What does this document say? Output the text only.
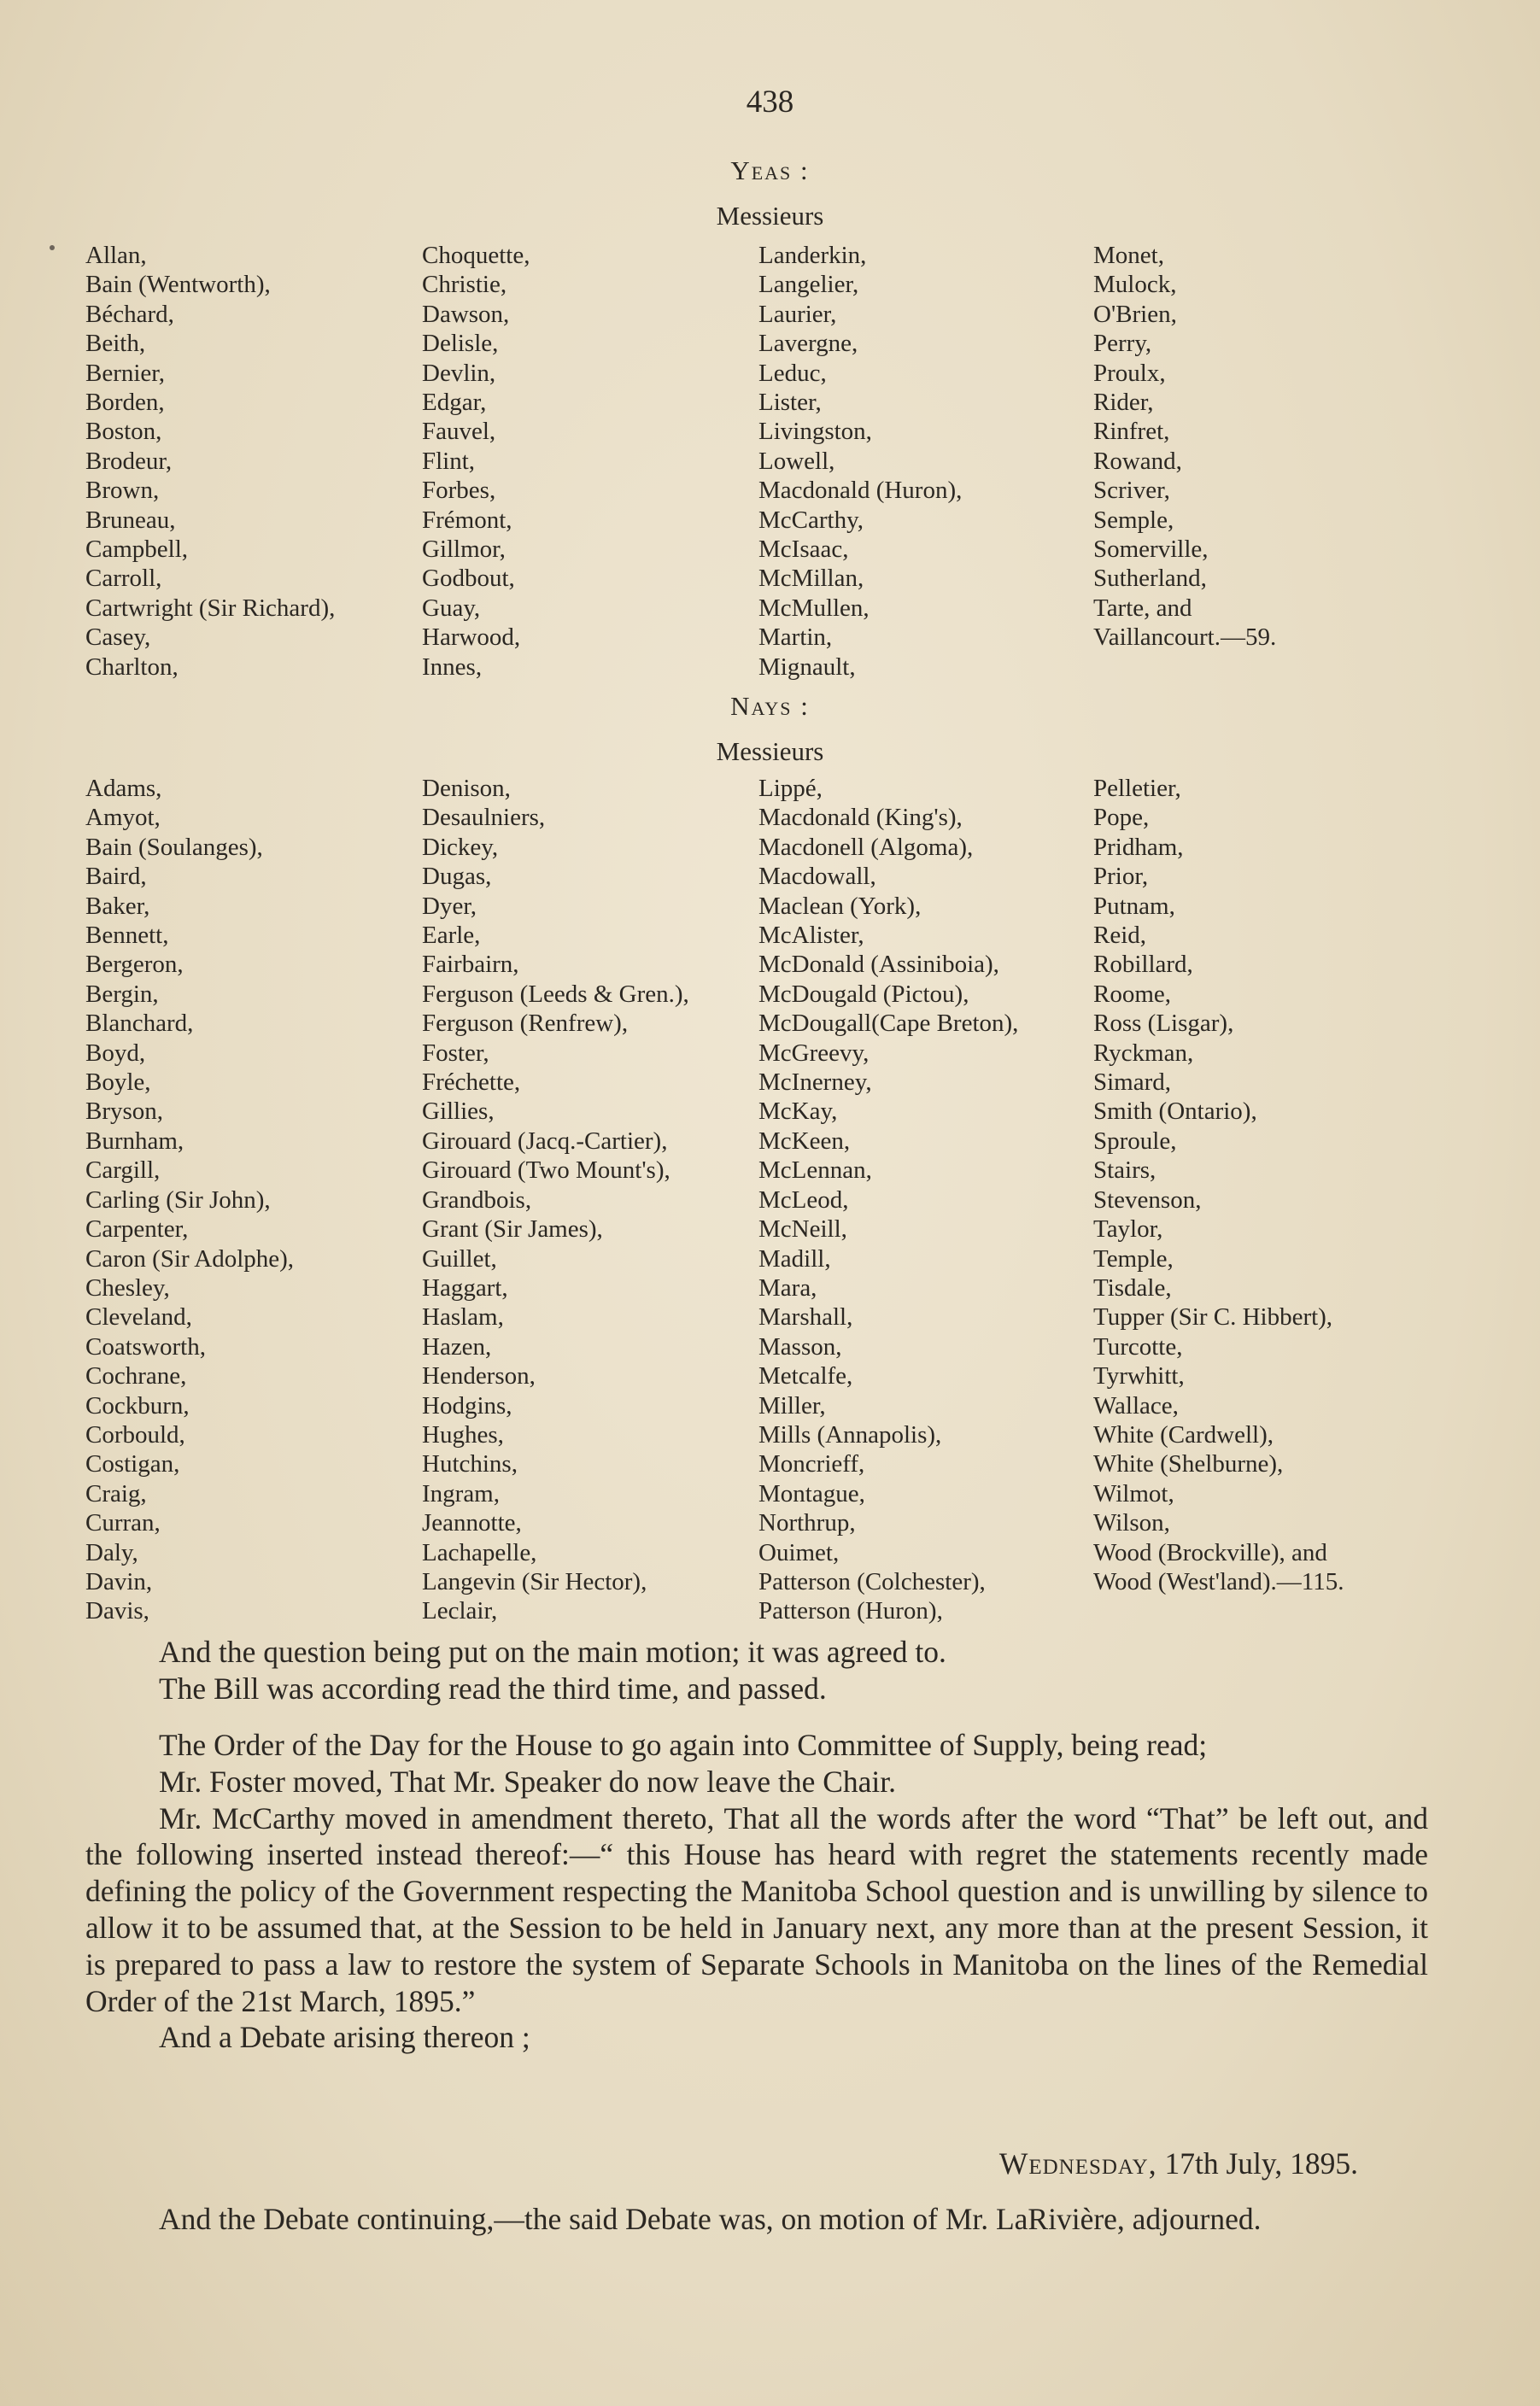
438
Yeas :
Messieurs
Allan,
Bain (Wentworth),
Béchard,
Beith,
Bernier,
Borden,
Boston,
Brodeur,
Brown,
Bruneau,
Campbell,
Carroll,
Cartwright (Sir Richard),
Casey,
Charlton,
Choquette,
Christie,
Dawson,
Delisle,
Devlin,
Edgar,
Fauvel,
Flint,
Forbes,
Frémont,
Gillmor,
Godbout,
Guay,
Harwood,
Innes,
Landerkin,
Langelier,
Laurier,
Lavergne,
Leduc,
Lister,
Livingston,
Lowell,
Macdonald (Huron),
McCarthy,
McIsaac,
McMillan,
McMullen,
Martin,
Mignault,
Monet,
Mulock,
O'Brien,
Perry,
Proulx,
Rider,
Rinfret,
Rowand,
Scriver,
Semple,
Somerville,
Sutherland,
Tarte, and
Vaillancourt.—59.
Nays :
Messieurs
Adams,
Amyot,
Bain (Soulanges),
Baird,
Baker,
Bennett,
Bergeron,
Bergin,
Blanchard,
Boyd,
Boyle,
Bryson,
Burnham,
Cargill,
Carling (Sir John),
Carpenter,
Caron (Sir Adolphe),
Chesley,
Cleveland,
Coatsworth,
Cochrane,
Cockburn,
Corbould,
Costigan,
Craig,
Curran,
Daly,
Davin,
Davis,
Denison,
Desaulniers,
Dickey,
Dugas,
Dyer,
Earle,
Fairbairn,
Ferguson (Leeds & Gren.),
Ferguson (Renfrew),
Foster,
Fréchette,
Gillies,
Girouard (Jacq.-Cartier),
Girouard (Two Mount's),
Grandbois,
Grant (Sir James),
Guillet,
Haggart,
Haslam,
Hazen,
Henderson,
Hodgins,
Hughes,
Hutchins,
Ingram,
Jeannotte,
Lachapelle,
Langevin (Sir Hector),
Leclair,
Lippé,
Macdonald (King's),
Macdonell (Algoma),
Macdowall,
Maclean (York),
McAlister,
McDonald (Assiniboia),
McDougald (Pictou),
McDougall(Cape Breton),
McGreevy,
McInerney,
McKay,
McKeen,
McLennan,
McLeod,
McNeill,
Madill,
Mara,
Marshall,
Masson,
Metcalfe,
Miller,
Mills (Annapolis),
Moncrieff,
Montague,
Northrup,
Ouimet,
Patterson (Colchester),
Patterson (Huron),
Pelletier,
Pope,
Pridham,
Prior,
Putnam,
Reid,
Robillard,
Roome,
Ross (Lisgar),
Ryckman,
Simard,
Smith (Ontario),
Sproule,
Stairs,
Stevenson,
Taylor,
Temple,
Tisdale,
Tupper (Sir C. Hibbert),
Turcotte,
Tyrwhitt,
Wallace,
White (Cardwell),
White (Shelburne),
Wilmot,
Wilson,
Wood (Brockville), and
Wood (West'land).—115.

And the question being put on the main motion; it was agreed to.

The Bill was according read the third time, and passed.

The Order of the Day for the House to go again into Committee of Supply, being read;

Mr. Foster moved, That Mr. Speaker do now leave the Chair.

Mr. McCarthy moved in amendment thereto, That all the words after the word “That” be left out, and the following inserted instead thereof:—“ this House has heard with regret the statements recently made defining the policy of the Government respecting the Manitoba School question and is unwilling by silence to allow it to be assumed that, at the Session to be held in January next, any more than at the present Session, it is prepared to pass a law to restore the system of Separate Schools in Manitoba on the lines of the Remedial Order of the 21st March, 1895.”

And a Debate arising thereon ;

Wednesday, 17th July, 1895.

And the Debate continuing,—the said Debate was, on motion of Mr. LaRivière, adjourned.
